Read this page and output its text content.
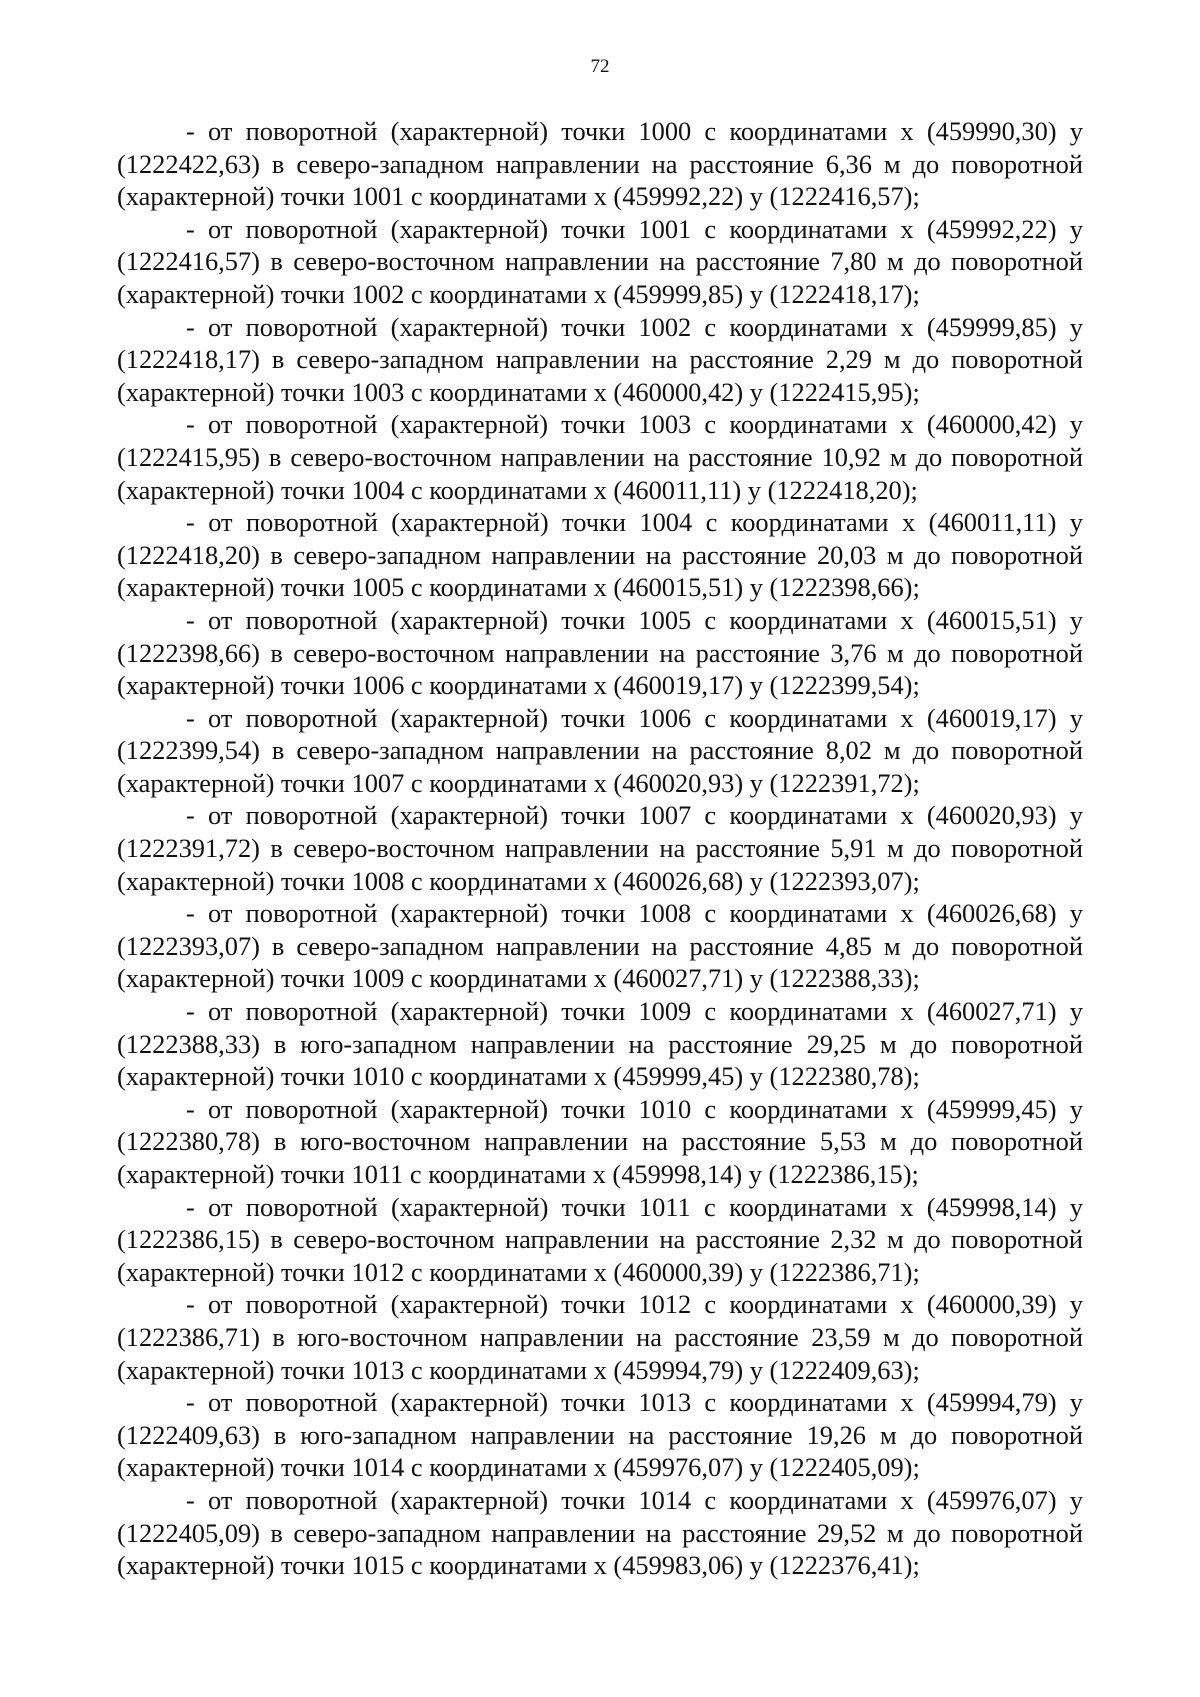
72

- от поворотной (характерной) точки 1000 с координатами x (459990,30) y (1222422,63) в северо-западном направлении на расстояние 6,36 м до поворотной (характерной) точки 1001 с координатами x (459992,22) y (1222416,57);

- от поворотной (характерной) точки 1001 с координатами x (459992,22) y (1222416,57) в северо-восточном направлении на расстояние 7,80 м до поворотной (характерной) точки 1002 с координатами x (459999,85) y (1222418,17);

- от поворотной (характерной) точки 1002 с координатами x (459999,85) y (1222418,17) в северо-западном направлении на расстояние 2,29 м до поворотной (характерной) точки 1003 с координатами x (460000,42) y (1222415,95);

- от поворотной (характерной) точки 1003 с координатами x (460000,42) y (1222415,95) в северо-восточном направлении на расстояние 10,92 м до поворотной (характерной) точки 1004 с координатами x (460011,11) y (1222418,20);

- от поворотной (характерной) точки 1004 с координатами x (460011,11) y (1222418,20) в северо-западном направлении на расстояние 20,03 м до поворотной (характерной) точки 1005 с координатами x (460015,51) y (1222398,66);

- от поворотной (характерной) точки 1005 с координатами x (460015,51) y (1222398,66) в северо-восточном направлении на расстояние 3,76 м до поворотной (характерной) точки 1006 с координатами x (460019,17) y (1222399,54);

- от поворотной (характерной) точки 1006 с координатами x (460019,17) y (1222399,54) в северо-западном направлении на расстояние 8,02 м до поворотной (характерной) точки 1007 с координатами x (460020,93) y (1222391,72);

- от поворотной (характерной) точки 1007 с координатами x (460020,93) y (1222391,72) в северо-восточном направлении на расстояние 5,91 м до поворотной (характерной) точки 1008 с координатами x (460026,68) y (1222393,07);

- от поворотной (характерной) точки 1008 с координатами x (460026,68) y (1222393,07) в северо-западном направлении на расстояние 4,85 м до поворотной (характерной) точки 1009 с координатами x (460027,71) y (1222388,33);

- от поворотной (характерной) точки 1009 с координатами x (460027,71) y (1222388,33) в юго-западном направлении на расстояние 29,25 м до поворотной (характерной) точки 1010 с координатами x (459999,45) y (1222380,78);

- от поворотной (характерной) точки 1010 с координатами x (459999,45) y (1222380,78) в юго-восточном направлении на расстояние 5,53 м до поворотной (характерной) точки 1011 с координатами x (459998,14) y (1222386,15);

- от поворотной (характерной) точки 1011 с координатами x (459998,14) y (1222386,15) в северо-восточном направлении на расстояние 2,32 м до поворотной (характерной) точки 1012 с координатами x (460000,39) y (1222386,71);

- от поворотной (характерной) точки 1012 с координатами x (460000,39) y (1222386,71) в юго-восточном направлении на расстояние 23,59 м до поворотной (характерной) точки 1013 с координатами x (459994,79) y (1222409,63);

- от поворотной (характерной) точки 1013 с координатами x (459994,79) y (1222409,63) в юго-западном направлении на расстояние 19,26 м до поворотной (характерной) точки 1014 с координатами x (459976,07) y (1222405,09);

- от поворотной (характерной) точки 1014 с координатами x (459976,07) y (1222405,09) в северо-западном направлении на расстояние 29,52 м до поворотной (характерной) точки 1015 с координатами x (459983,06) y (1222376,41);
